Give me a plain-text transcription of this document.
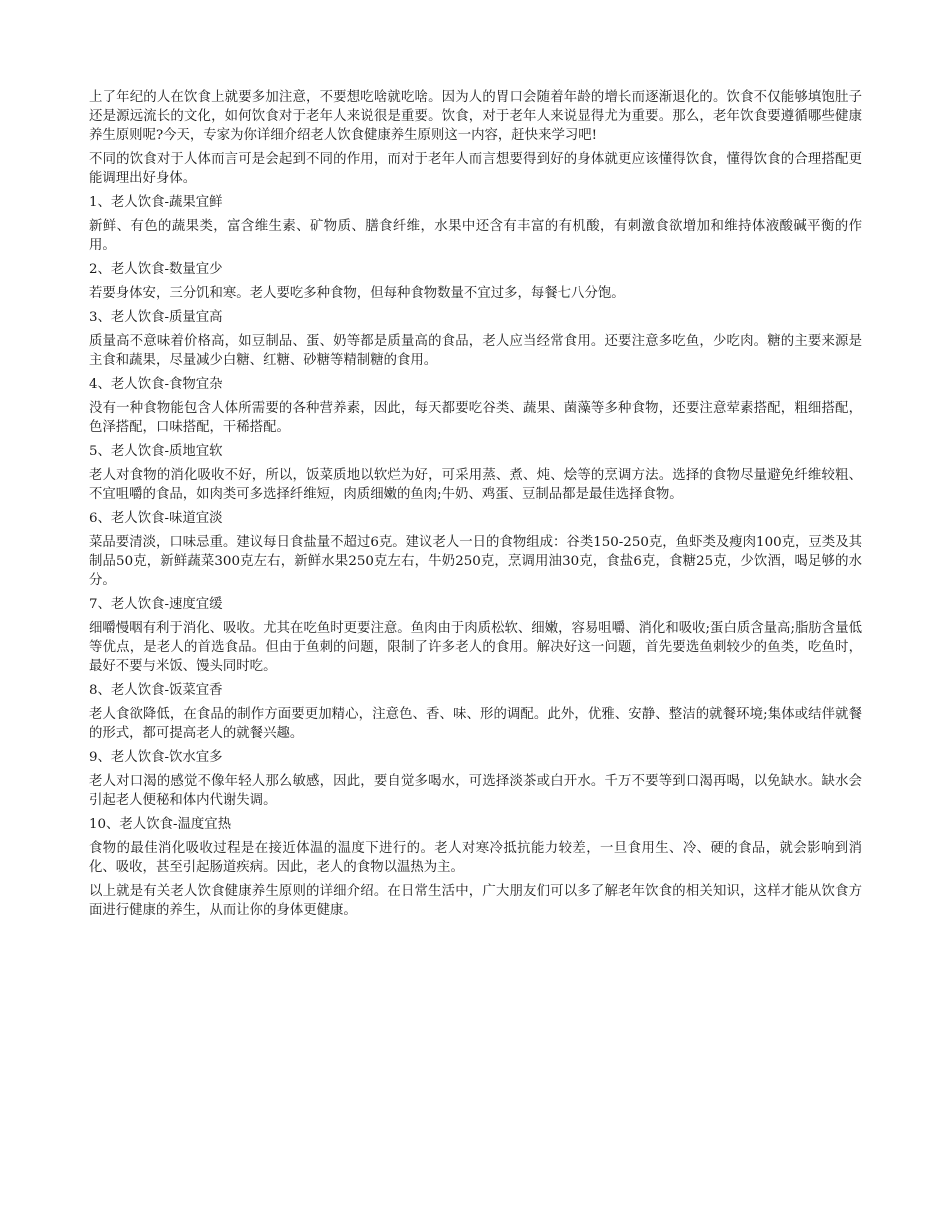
上了年纪的人在饮食上就要多加注意，不要想吃啥就吃啥。因为人的胃口会随着年龄的增长而逐渐退化的。饮食不仅能够填饱肚子还是源远流长的文化，如何饮食对于老年人来说很是重要。饮食，对于老年人来说显得尤为重要。那么，老年饮食要遵循哪些健康养生原则呢?今天，专家为你详细介绍老人饮食健康养生原则这一内容，赶快来学习吧!

不同的饮食对于人体而言可是会起到不同的作用，而对于老年人而言想要得到好的身体就更应该懂得饮食，懂得饮食的合理搭配更能调理出好身体。

1、老人饮食-蔬果宜鲜

新鲜、有色的蔬果类，富含维生素、矿物质、膳食纤维，水果中还含有丰富的有机酸，有刺激食欲增加和维持体液酸碱平衡的作用。

2、老人饮食-数量宜少

若要身体安，三分饥和寒。老人要吃多种食物，但每种食物数量不宜过多，每餐七八分饱。

3、老人饮食-质量宜高

质量高不意味着价格高，如豆制品、蛋、奶等都是质量高的食品，老人应当经常食用。还要注意多吃鱼，少吃肉。糖的主要来源是主食和蔬果，尽量减少白糖、红糖、砂糖等精制糖的食用。

4、老人饮食-食物宜杂

没有一种食物能包含人体所需要的各种营养素，因此，每天都要吃谷类、蔬果、菌藻等多种食物，还要注意荤素搭配，粗细搭配，色泽搭配，口味搭配，干稀搭配。

5、老人饮食-质地宜软

老人对食物的消化吸收不好，所以，饭菜质地以软烂为好，可采用蒸、煮、炖、烩等的烹调方法。选择的食物尽量避免纤维较粗、不宜咀嚼的食品，如肉类可多选择纤维短，肉质细嫩的鱼肉;牛奶、鸡蛋、豆制品都是最佳选择食物。

6、老人饮食-味道宜淡

菜品要清淡，口味忌重。建议每日食盐量不超过6克。建议老人一日的食物组成：谷类150-250克，鱼虾类及瘦肉100克，豆类及其制品50克，新鲜蔬菜300克左右，新鲜水果250克左右，牛奶250克，烹调用油30克，食盐6克，食糖25克，少饮酒，喝足够的水分。

7、老人饮食-速度宜缓

细嚼慢咽有利于消化、吸收。尤其在吃鱼时更要注意。鱼肉由于肉质松软、细嫩，容易咀嚼、消化和吸收;蛋白质含量高;脂肪含量低等优点，是老人的首选食品。但由于鱼刺的问题，限制了许多老人的食用。解决好这一问题，首先要选鱼刺较少的鱼类，吃鱼时，最好不要与米饭、馒头同时吃。

8、老人饮食-饭菜宜香

老人食欲降低，在食品的制作方面要更加精心，注意色、香、味、形的调配。此外，优雅、安静、整洁的就餐环境;集体或结伴就餐的形式，都可提高老人的就餐兴趣。

9、老人饮食-饮水宜多

老人对口渴的感觉不像年轻人那么敏感，因此，要自觉多喝水，可选择淡茶或白开水。千万不要等到口渴再喝，以免缺水。缺水会引起老人便秘和体内代谢失调。

10、老人饮食-温度宜热

食物的最佳消化吸收过程是在接近体温的温度下进行的。老人对寒冷抵抗能力较差，一旦食用生、冷、硬的食品，就会影响到消化、吸收，甚至引起肠道疾病。因此，老人的食物以温热为主。

以上就是有关老人饮食健康养生原则的详细介绍。在日常生活中，广大朋友们可以多了解老年饮食的相关知识，这样才能从饮食方面进行健康的养生，从而让你的身体更健康。
